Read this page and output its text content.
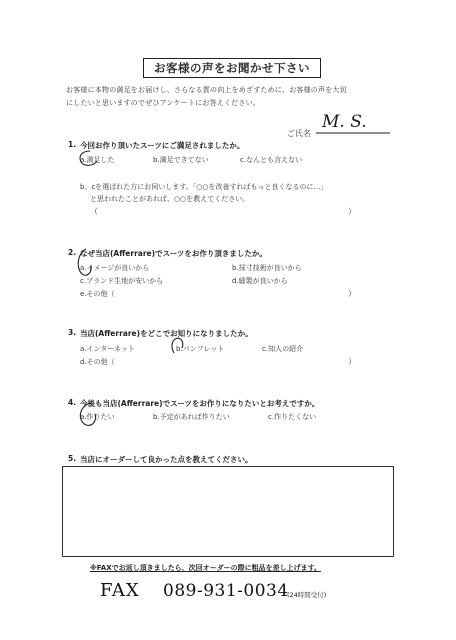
お客様の声をお聞かせ下さい
お客様に本物の満足をお届けし、さらなる質の向上をめざすために、お客様の声を大切
にしたいと思いますのでぜひアンケートにお答えください。
ご氏名
M. S.
1. 今回お作り頂いたスーツにご満足されましたか。
a.満足した	b.満足できてない	c.なんとも言えない
b、cを選ばれた方にお伺いします。「○○を改善すればもっと良くなるのに…」
と思われたことがあれば、○○を教えてください。
（	）
2. なぜ当店(Afferrare)でスーツをお作り頂きましたか。
a.イメージが良いから	b.採寸技術が良いから
c.ブランド生地が安いから	d.縫製が良いから
e.その他（	）
3. 当店(Afferrare)をどこでお知りになりましたか。
a.インターネット	b.パンフレット	c.知人の紹介
d.その他（	）
4. 今後も当店(Afferrare)でスーツをお作りになりたいとお考えですか。
a.作りたい	b.予定があれば作りたい	c.作りたくない
5. 当店にオーダーして良かった点を教えてください。
※FAXでお返し頂きましたら、次回オーダーの際に粗品を差し上げます。
FAX 089-931-0034
(24時間受付)
